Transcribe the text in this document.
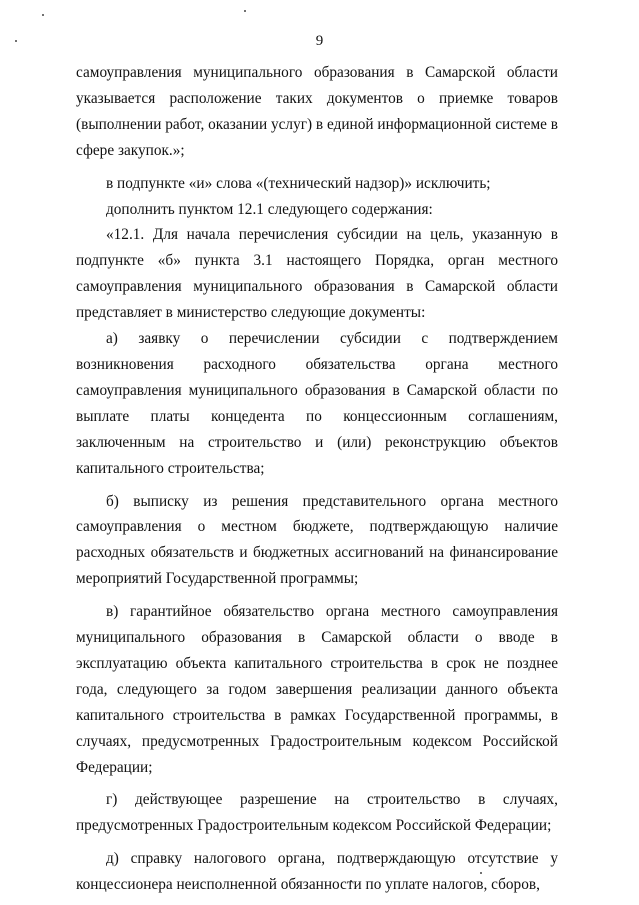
9

самоуправления муниципального образования в Самарской области указывается расположение таких документов о приемке товаров (выполнении работ, оказании услуг) в единой информационной системе в сфере закупок.»;

в подпункте «и» слова «(технический надзор)» исключить;

дополнить пунктом 12.1 следующего содержания:

«12.1. Для начала перечисления субсидии на цель, указанную в подпункте «б» пункта 3.1 настоящего Порядка, орган местного самоуправления муниципального образования в Самарской области представляет в министерство следующие документы:

а) заявку о перечислении субсидии с подтверждением возникновения расходного обязательства органа местного самоуправления муниципального образования в Самарской области по выплате платы концедента по концессионным соглашениям, заключенным на строительство и (или) реконструкцию объектов капитального строительства;

б) выписку из решения представительного органа местного самоуправления о местном бюджете, подтверждающую наличие расходных обязательств и бюджетных ассигнований на финансирование мероприятий Государственной программы;

в) гарантийное обязательство органа местного самоуправления муниципального образования в Самарской области о вводе в эксплуатацию объекта капитального строительства в срок не позднее года, следующего за годом завершения реализации данного объекта капитального строительства в рамках Государственной программы, в случаях, предусмотренных Градостроительным кодексом Российской Федерации;

г) действующее разрешение на строительство в случаях, предусмотренных Градостроительным кодексом Российской Федерации;

д) справку налогового органа, подтверждающую отсутствие у концессионера неисполненной обязанности по уплате налогов, сборов,
